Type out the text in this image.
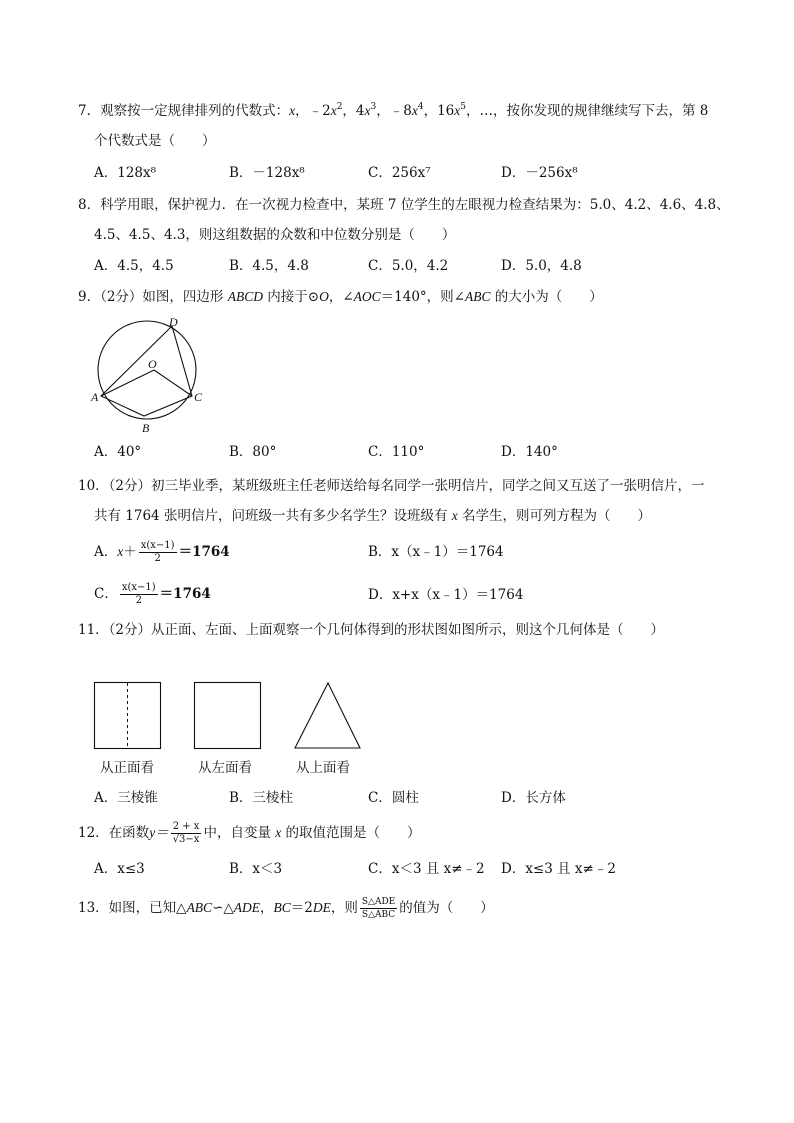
7．观察按一定规律排列的代数式：x，$﹣2x^2$，$4x^3$，$﹣8x^4$，$16x^5$，…，按你发现的规律继续写下去，第 8
个代数式是（　　）
A．128x⁸	B．－128x⁸	C．256x⁷	D．－256x⁸
8．科学用眼，保护视力．在一次视力检查中，某班 7 位学生的左眼视力检查结果为：5.0、4.2、4.6、4.8、
4.5、4.5、4.3，则这组数据的众数和中位数分别是（　　）
A．4.5，4.5	B．4.5，4.8	C．5.0，4.2	D．5.0，4.8
9．（2分）如图，四边形 ABCD 内接于⊙O，∠AOC＝140°，则∠ABC 的大小为（　　）
D
O
A	C
B
A．40°	B．80°	C．110°	D．140°
10．（2分）初三毕业季，某班级班主任老师送给每名同学一张明信片，同学之间又互送了一张明信片，一
共有 1764 张明信片，问班级一共有多少名学生？设班级有 x 名学生，则可列方程为（　　）
A．$x+ \frac{x(x-1)}{2} =1764$	B．x（x﹣1）＝1764
C． $\frac{x(x-1)}{2} =1764$	D．x+x（x﹣1）＝1764
11．（2分）从正面、左面、上面观察一个几何体得到的形状图如图所示，则这个几何体是（　　）
从正面看	从左面看	从上面看
A．三棱锥	B．三棱柱	C．圆柱	D．长方体
12．在函数$y= \frac{2 + x}{√3-x}$ 中，自变量 x 的取值范围是（　　）
A．x≤3	B．x＜3	C．x＜3 且 x≠﹣2 D．x≤3 且 x≠﹣2
13．如图，已知△ABC∽△ADE，BC＝2DE，则 $\frac{\text{S△ADE}}{\text{S△ABC}}$ 的值为（　　）
